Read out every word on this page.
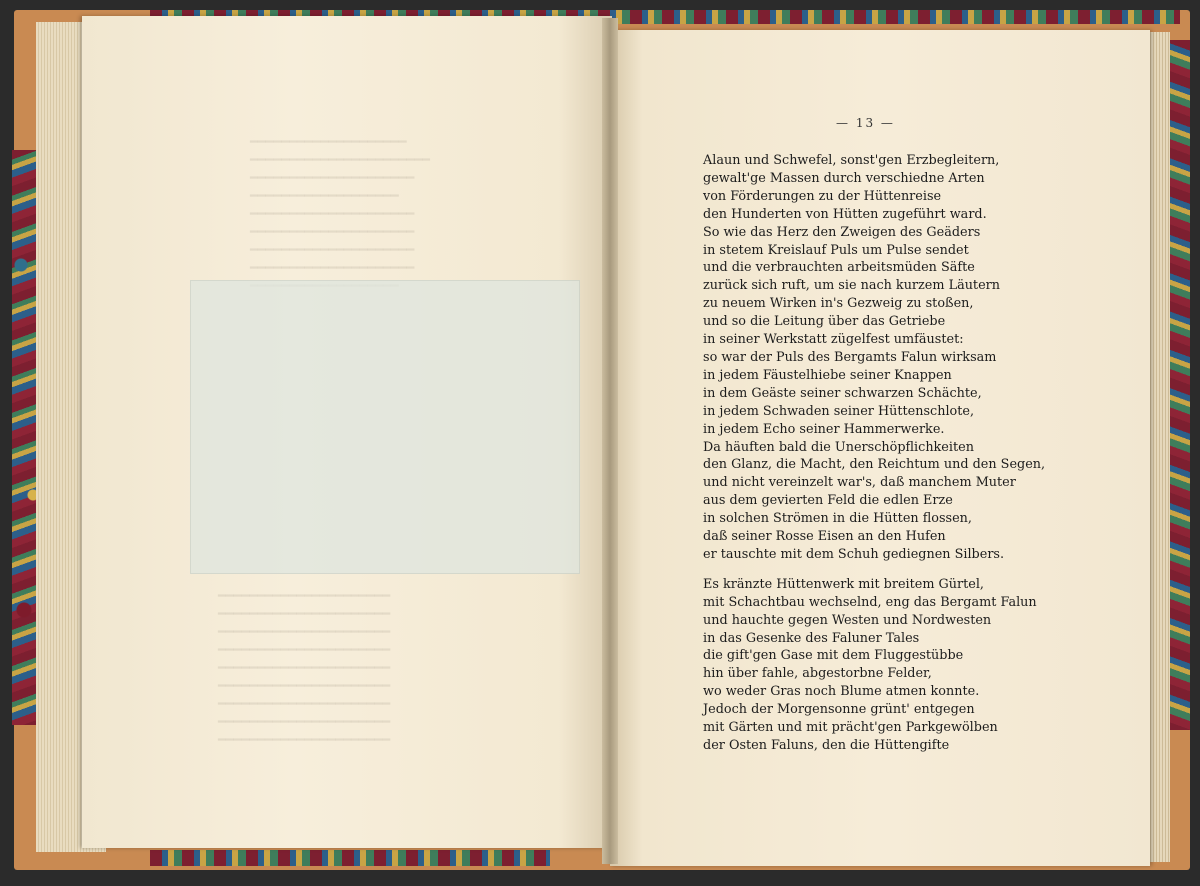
━━━━━━━━━━━━━━━━━━━━
━━━━━━━━━━━━━━━━━━━━━━━
━━━━━━━━━━━━━━━━━━━━━
━━━━━━━━━━━━━━━━━━━
━━━━━━━━━━━━━━━━━━━━━
━━━━━━━━━━━━━━━━━━━━━
━━━━━━━━━━━━━━━━━━━━━
━━━━━━━━━━━━━━━━━━━━━

━━━━━━━━━━━━━━━━━━━━━━
━━━━━━━━━━━━━━━━━━━━━━
━━━━━━━━━━━━━━━━━━━━━━
━━━━━━━━━━━━━━━━━━━━━━
━━━━━━━━━━━━━━━━━━━━━━
━━━━━━━━━━━━━━━━━━━━━━
━━━━━━━━━━━━━━━━━━━━━━
━━━━━━━━━━━━━━━━━━━━━━
━━━━━━━━━━━━━━━━━━━━━━
— 13 —
Alaun und Schwefel, sonst'gen Erzbegleitern,
gewalt'ge Massen durch verschiedne Arten
von Förderungen zu der Hüttenreise
den Hunderten von Hütten zugeführt ward.
So wie das Herz den Zweigen des Geäders
in stetem Kreislauf Puls um Pulse sendet
und die verbrauchten arbeitsmüden Säfte
zurück sich ruft, um sie nach kurzem Läutern
zu neuem Wirken in's Gezweig zu stoßen,
und so die Leitung über das Getriebe
in seiner Werkstatt zügelfest umfäustet:
so war der Puls des Bergamts Falun wirksam
in jedem Fäustelhiebe seiner Knappen
in dem Geäste seiner schwarzen Schächte,
in jedem Schwaden seiner Hüttenschlote,
in jedem Echo seiner Hammerwerke.
Da häuften bald die Unerschöpflichkeiten
den Glanz, die Macht, den Reichtum und den Segen,
und nicht vereinzelt war's, daß manchem Muter
aus dem gevierten Feld die edlen Erze
in solchen Strömen in die Hütten flossen,
daß seiner Rosse Eisen an den Hufen
er tauschte mit dem Schuh gediegnen Silbers.
Es kränzte Hüttenwerk mit breitem Gürtel,
mit Schachtbau wechselnd, eng das Bergamt Falun
und hauchte gegen Westen und Nordwesten
in das Gesenke des Faluner Tales
die gift'gen Gase mit dem Fluggestübbe
hin über fahle, abgestorbne Felder,
wo weder Gras noch Blume atmen konnte.
Jedoch der Morgensonne grünt' entgegen
mit Gärten und mit prächt'gen Parkgewölben
der Osten Faluns, den die Hüttengifte
